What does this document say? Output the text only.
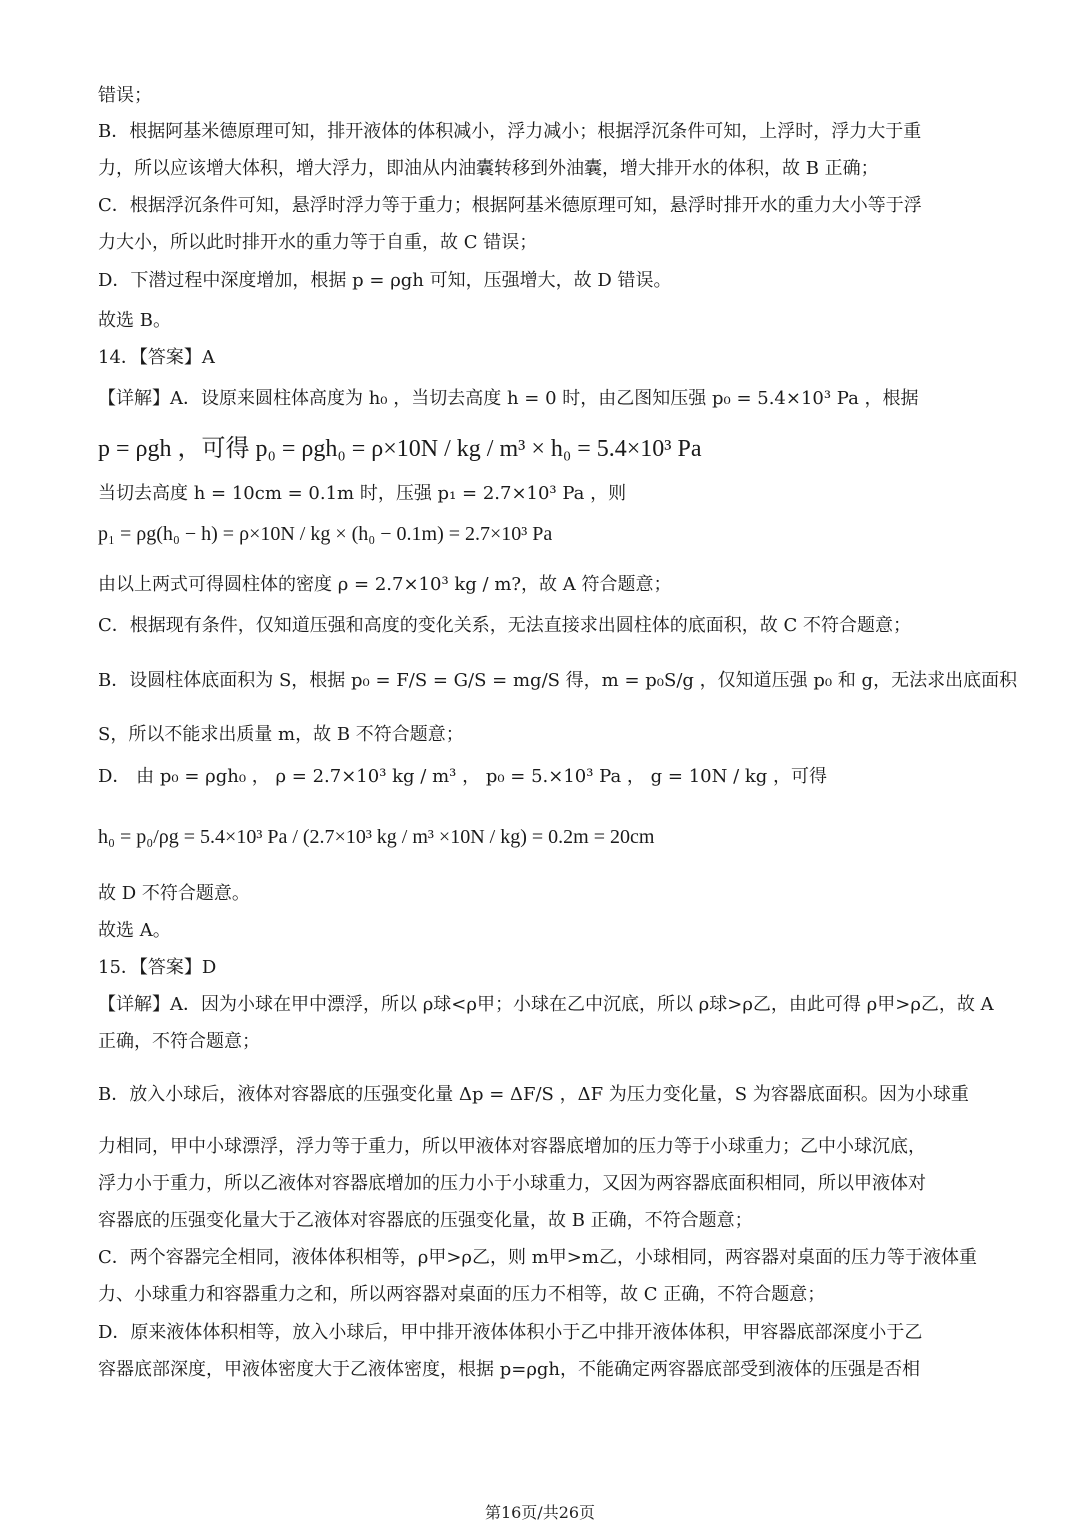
错误；
B．根据阿基米德原理可知，排开液体的体积减小，浮力减小；根据浮沉条件可知，上浮时，浮力大于重
力，所以应该增大体积，增大浮力，即油从内油囊转移到外油囊，增大排开水的体积，故 B 正确；
C．根据浮沉条件可知，悬浮时浮力等于重力；根据阿基米德原理可知，悬浮时排开水的重力大小等于浮
力大小，所以此时排开水的重力等于自重，故 C 错误；
D．下潜过程中深度增加，根据 p = ρgh 可知，压强增大，故 D 错误。
故选 B。
14．【答案】A
【详解】A．设原来圆柱体高度为 h₀ ，当切去高度 h = 0 时，由乙图知压强 p₀ = 5.4×10³ Pa ，根据
p = ρgh ，可得 p₀ = ρgh₀ = ρ×10N / kg / m³ × h₀ = 5.4×10³ Pa
当切去高度 h = 10cm = 0.1m 时，压强 p₁ = 2.7×10³ Pa ，则
p₁ = ρg(h₀ − h) = ρ×10N / kg × (h₀ − 0.1m) = 2.7×10³ Pa
由以上两式可得圆柱体的密度 ρ = 2.7×10³ kg / m?，故 A 符合题意；
C．根据现有条件，仅知道压强和高度的变化关系，无法直接求出圆柱体的底面积，故 C 不符合题意；
B．设圆柱体底面积为 S，根据 p₀ = F/S = G/S = mg/S 得，m = p₀S/g ，仅知道压强 p₀ 和 g，无法求出底面积
S，所以不能求出质量 m，故 B 不符合题意；
D． 由 p₀ = ρgh₀ ， ρ = 2.7×10³ kg / m³ ， p₀ = 5.×10³ Pa ， g = 10N / kg ，可得
h₀ = p₀/ρg = 5.4×10³ Pa / (2.7×10³ kg / m³ ×10N / kg) = 0.2m = 20cm
故 D 不符合题意。
故选 A。
15．【答案】D
【详解】A．因为小球在甲中漂浮，所以 ρ球<ρ甲；小球在乙中沉底，所以 ρ球>ρ乙，由此可得 ρ甲>ρ乙，故 A
正确，不符合题意；
B．放入小球后，液体对容器底的压强变化量 Δp = ΔF/S ，ΔF 为压力变化量，S 为容器底面积。因为小球重
力相同，甲中小球漂浮，浮力等于重力，所以甲液体对容器底增加的压力等于小球重力；乙中小球沉底，
浮力小于重力，所以乙液体对容器底增加的压力小于小球重力，又因为两容器底面积相同，所以甲液体对
容器底的压强变化量大于乙液体对容器底的压强变化量，故 B 正确，不符合题意；
C．两个容器完全相同，液体体积相等，ρ甲>ρ乙，则 m甲>m乙，小球相同，两容器对桌面的压力等于液体重
力、小球重力和容器重力之和，所以两容器对桌面的压力不相等，故 C 正确，不符合题意；
D．原来液体体积相等，放入小球后，甲中排开液体体积小于乙中排开液体体积，甲容器底部深度小于乙
容器底部深度，甲液体密度大于乙液体密度，根据 p=ρgh，不能确定两容器底部受到液体的压强是否相
第16页/共26页
